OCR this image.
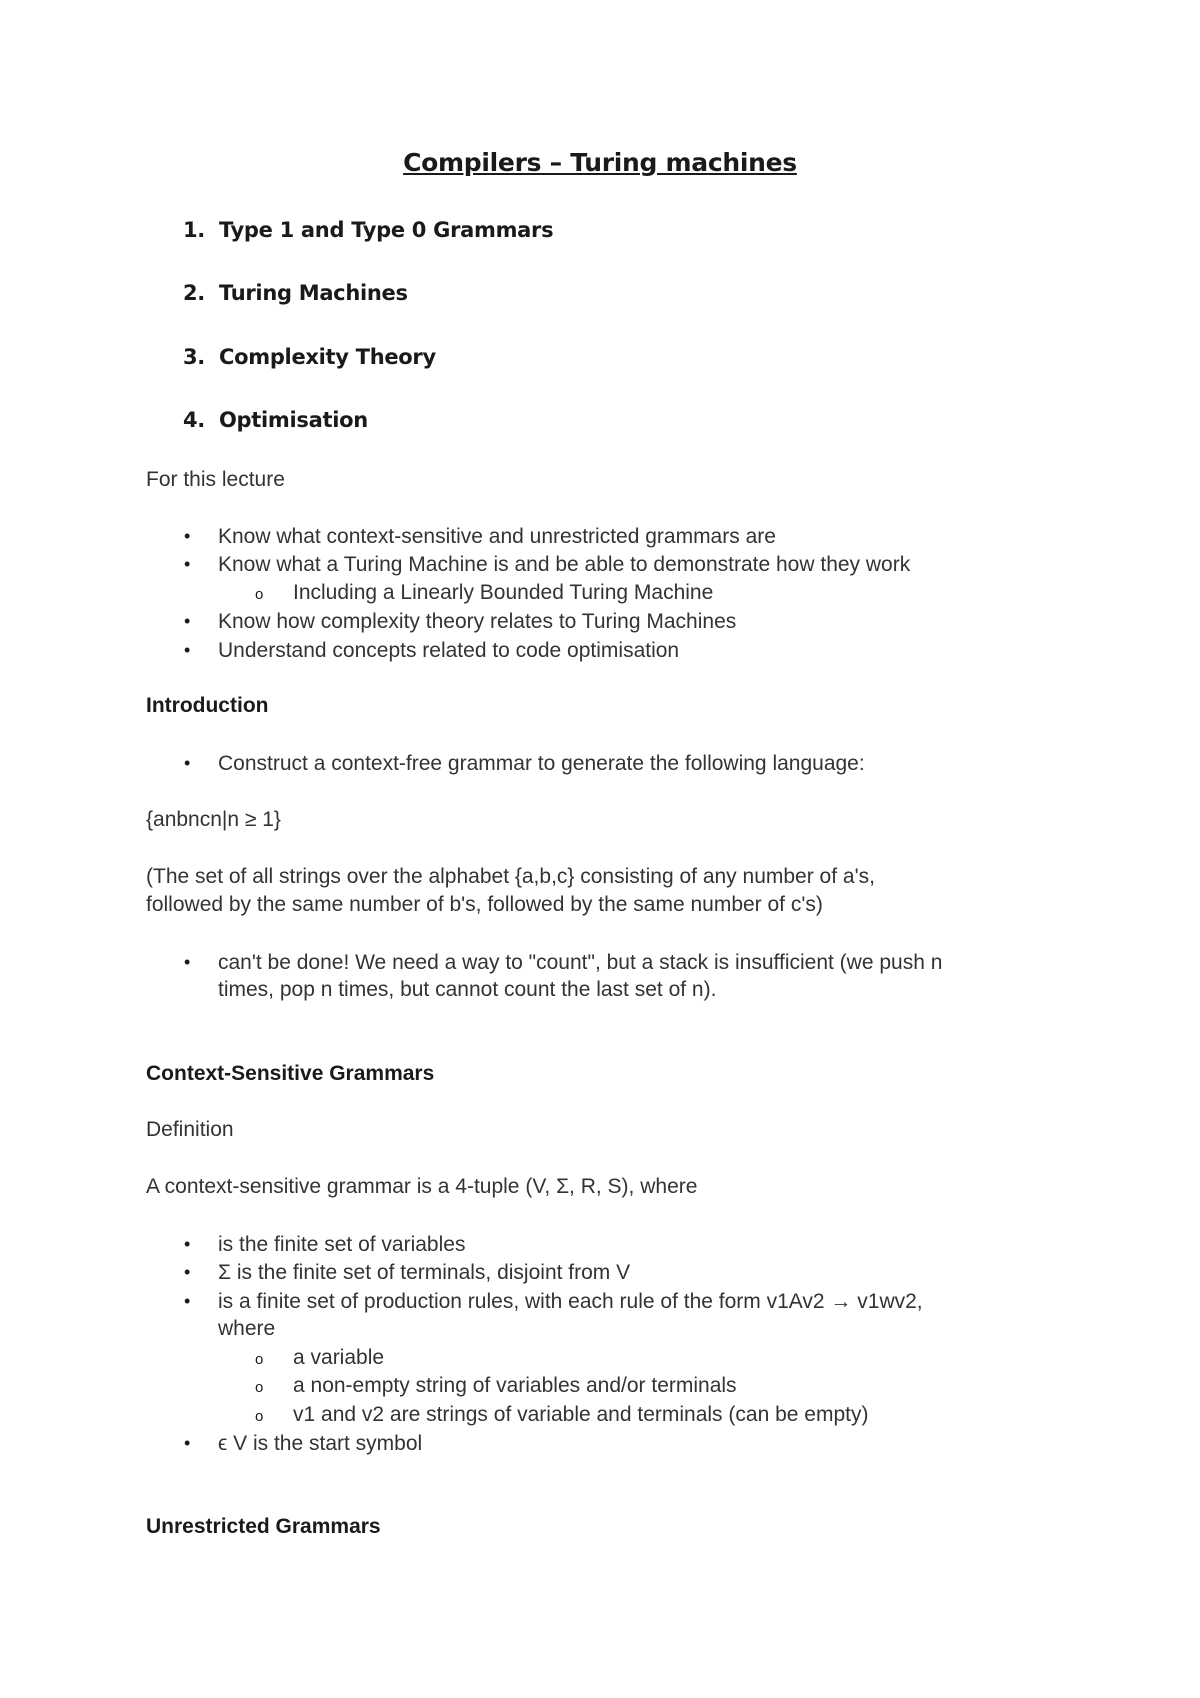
Compilers – Turing machines
1. Type 1 and Type 0 Grammars
2. Turing Machines
3. Complexity Theory
4. Optimisation
For this lecture
• Know what context-sensitive and unrestricted grammars are
• Know what a Turing Machine is and be able to demonstrate how they work
o Including a Linearly Bounded Turing Machine
• Know how complexity theory relates to Turing Machines
• Understand concepts related to code optimisation
Introduction
• Construct a context-free grammar to generate the following language:
{anbncn|n ≥ 1}
(The set of all strings over the alphabet {a,b,c} consisting of any number of a's,
followed by the same number of b's, followed by the same number of c's)
• can't be done! We need a way to "count", but a stack is insufficient (we push n
times, pop n times, but cannot count the last set of n).
Context-Sensitive Grammars
Definition
A context-sensitive grammar is a 4-tuple (V, Σ, R, S), where
• is the finite set of variables
• Σ is the finite set of terminals, disjoint from V
• is a finite set of production rules, with each rule of the form v1Av2 → v1wv2,
where
o a variable
o a non-empty string of variables and/or terminals
o v1 and v2 are strings of variable and terminals (can be empty)
• ϵ V is the start symbol
Unrestricted Grammars
